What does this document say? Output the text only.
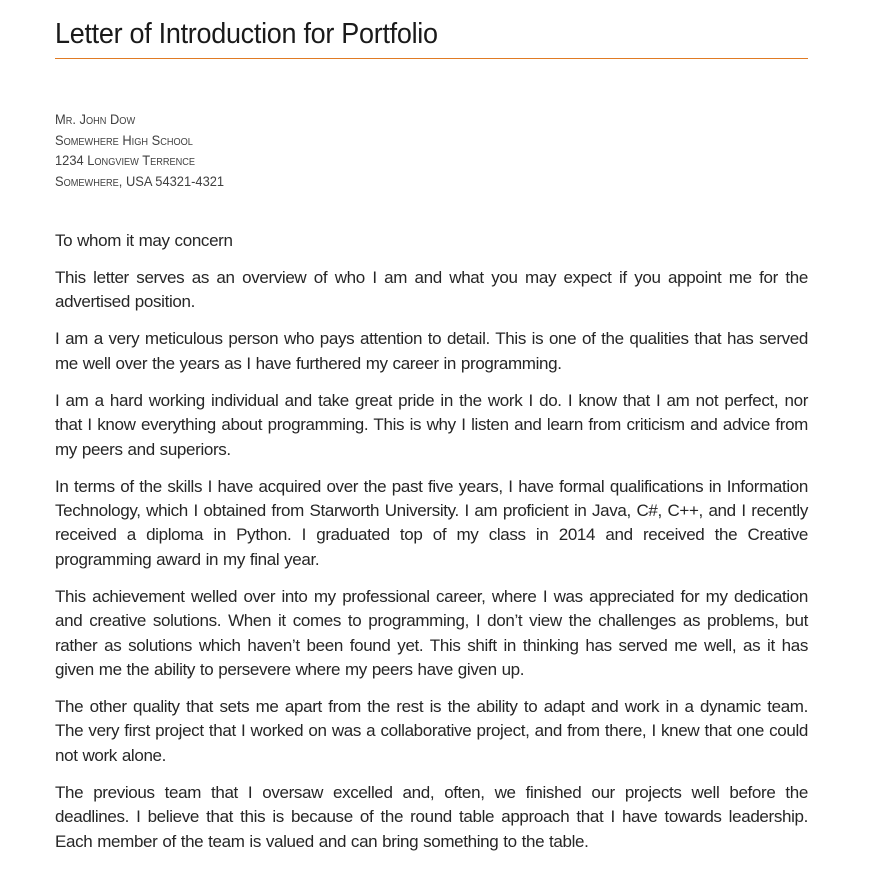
Letter of Introduction for Portfolio
Mr. John Dow
Somewhere High School
1234 Longview Terrence
Somewhere, USA 54321-4321

To whom it may concern

This letter serves as an overview of who I am and what you may expect if you appoint me for the advertised position.

I am a very meticulous person who pays attention to detail. This is one of the qualities that has served me well over the years as I have furthered my career in programming.

I am a hard working individual and take great pride in the work I do. I know that I am not perfect, nor that I know everything about programming. This is why I listen and learn from criticism and advice from my peers and superiors.

In terms of the skills I have acquired over the past five years, I have formal qualifications in Information Technology, which I obtained from Starworth University. I am proficient in Java, C#, C++, and I recently received a diploma in Python. I graduated top of my class in 2014 and received the Creative programming award in my final year.

This achievement welled over into my professional career, where I was appreciated for my dedication and creative solutions. When it comes to programming, I don’t view the challenges as problems, but rather as solutions which haven’t been found yet. This shift in thinking has served me well, as it has given me the ability to persevere where my peers have given up.

The other quality that sets me apart from the rest is the ability to adapt and work in a dynamic team. The very first project that I worked on was a collaborative project, and from there, I knew that one could not work alone.

The previous team that I oversaw excelled and, often, we finished our projects well before the deadlines. I believe that this is because of the round table approach that I have towards leadership. Each member of the team is valued and can bring something to the table.
